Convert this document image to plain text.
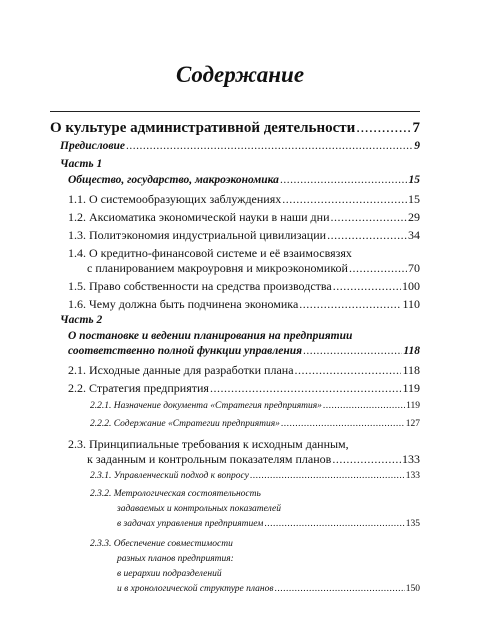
Содержание
О культуре административной деятельности .....	7
Предисловие .....	9
Часть 1
Общество, государство, макроэкономика .....	15
1.1. О системообразующих заблуждениях .....	15
1.2. Аксиоматика экономической науки в наши дни .....	29
1.3. Политэкономия индустриальной цивилизации .....	34
1.4. О кредитно-финансовой системе и её взаимосвязях
с планированием макроуровня и микроэкономикой .....	70
1.5. Право собственности на средства производства .....	100
1.6. Чему должна быть подчинена экономика .....	110
Часть 2
О постановке и ведении планирования на предприятии
соответственно полной функции управления .....	118
2.1. Исходные данные для разработки плана .....	118
2.2. Стратегия предприятия .....	119
2.2.1. Назначение документа «Стратегия предприятия» .....	119
2.2.2. Содержание «Стратегии предприятия» .....	127
2.3. Принципиальные требования к исходным данным,
к заданным и контрольным показателям планов .....	133
2.3.1. Управленческий подход к вопросу .....	133
2.3.2. Метрологическая состоятельность
задаваемых и контрольных показателей
в задачах управления предприятием .....	135
2.3.3. Обеспечение совместимости
разных планов предприятия:
в иерархии подразделений
и в хронологической структуре планов .....	150
